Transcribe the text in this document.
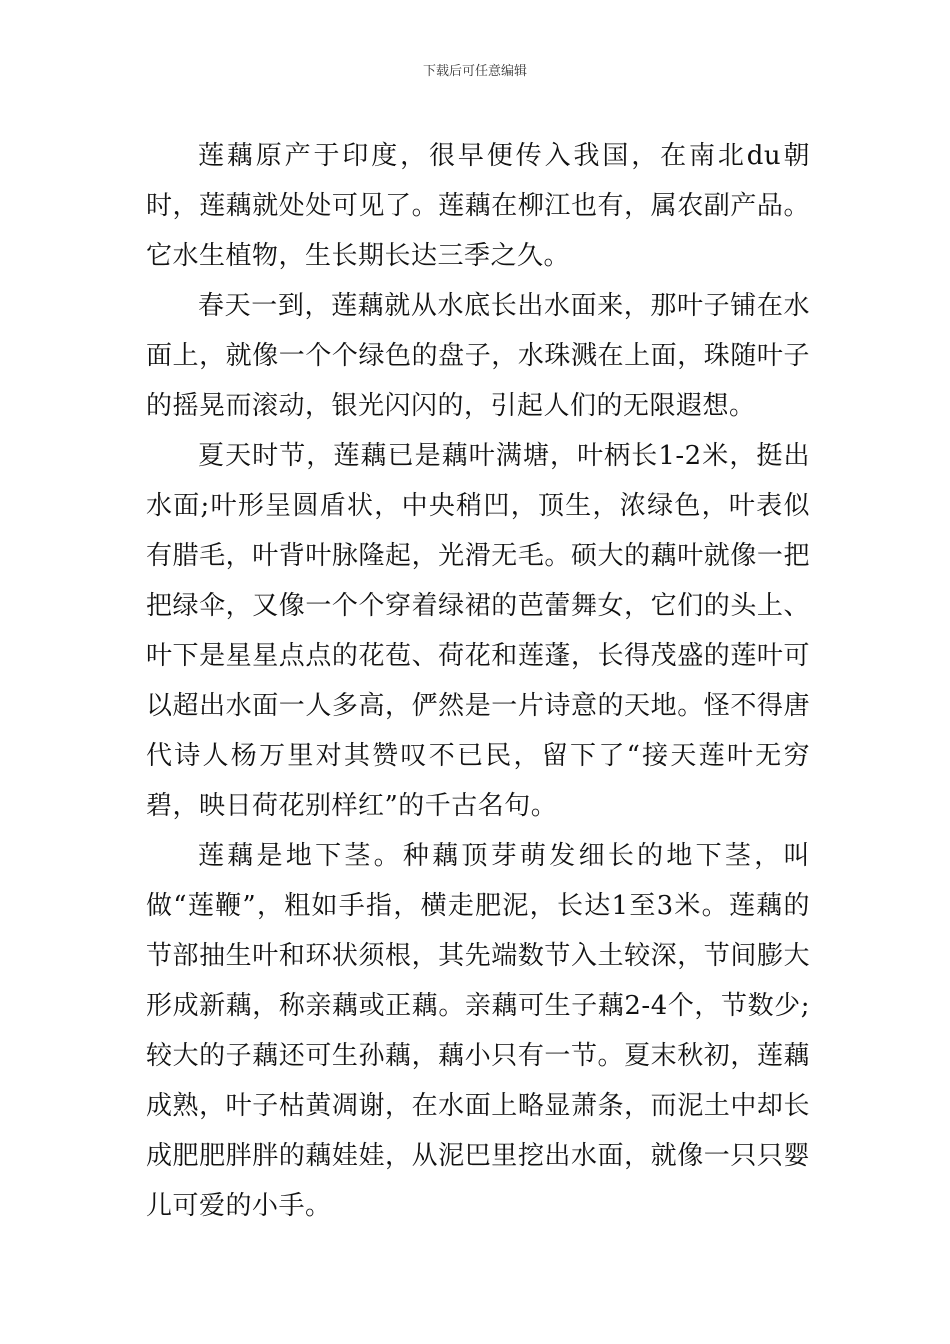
下载后可任意编辑

莲藕原产于印度，很早便传入我国，在南北du朝时，莲藕就处处可见了。莲藕在柳江也有，属农副产品。它水生植物，生长期长达三季之久。

春天一到，莲藕就从水底长出水面来，那叶子铺在水面上，就像一个个绿色的盘子，水珠溅在上面，珠随叶子的摇晃而滚动，银光闪闪的，引起人们的无限遐想。

夏天时节，莲藕已是藕叶满塘，叶柄长1-2米，挺出水面;叶形呈圆盾状，中央稍凹，顶生，浓绿色，叶表似有腊毛，叶背叶脉隆起，光滑无毛。硕大的藕叶就像一把把绿伞，又像一个个穿着绿裙的芭蕾舞女，它们的头上、叶下是星星点点的花苞、荷花和莲蓬，长得茂盛的莲叶可以超出水面一人多高，俨然是一片诗意的天地。怪不得唐代诗人杨万里对其赞叹不已民，留下了“接天莲叶无穷碧，映日荷花别样红”的千古名句。

莲藕是地下茎。种藕顶芽萌发细长的地下茎，叫做“莲鞭”，粗如手指，横走肥泥，长达1至3米。莲藕的节部抽生叶和环状须根，其先端数节入土较深，节间膨大形成新藕，称亲藕或正藕。亲藕可生子藕2-4个，节数少;较大的子藕还可生孙藕，藕小只有一节。夏末秋初，莲藕成熟，叶子枯黄凋谢，在水面上略显萧条，而泥土中却长成肥肥胖胖的藕娃娃，从泥巴里挖出水面，就像一只只婴儿可爱的小手。
